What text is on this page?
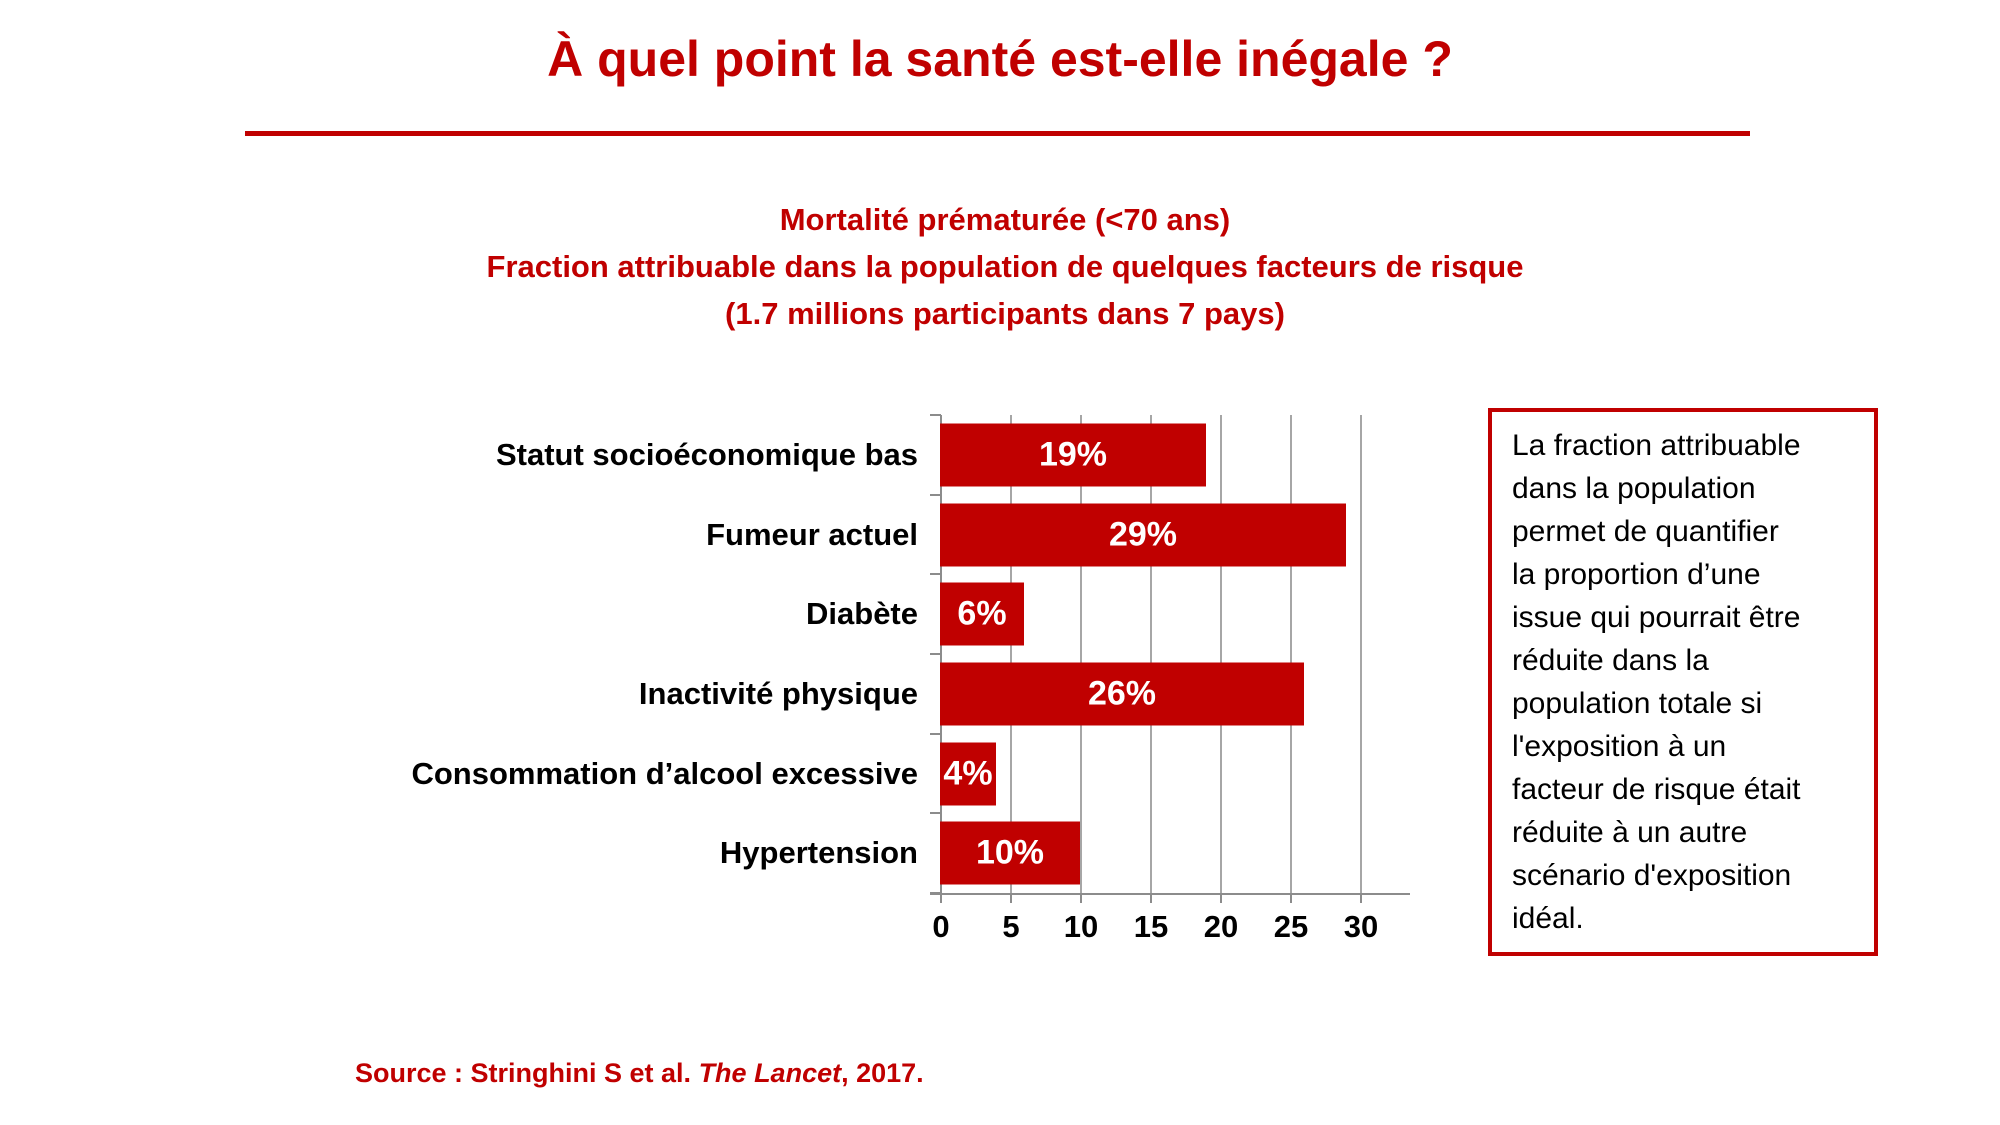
À quel point la santé est-elle inégale ?
Mortalité prématurée (<70 ans)
Fraction attribuable dans la population de quelques facteurs de risque
(1.7 millions participants dans 7 pays)
0 5 10 15 20 25 30
Statut socioéconomique bas	19%
Fumeur actuel	29%
Diabète	6%
Inactivité physique	26%
Consommation d’alcool excessive 4%
Hypertension	10%
La fraction attribuable
dans la population
permet de quantifier
la proportion d’une
issue qui pourrait être
réduite dans la
population totale si
l'exposition à un
facteur de risque était
réduite à un autre
scénario d'exposition
idéal.
Source : Stringhini S et al. The Lancet, 2017.
